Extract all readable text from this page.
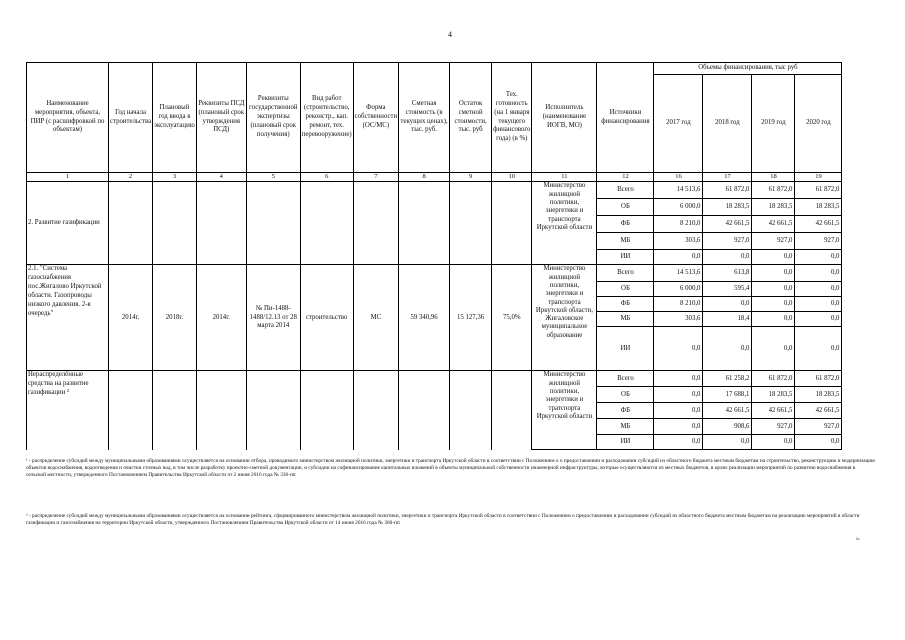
4
Наименование мероприятия, объекта, ПИР (с расшифровкой по объектам)	Год начала строительства	Плановый год ввода в эксплуатацию	Реквизиты ПСД (плановый срок утверждения ПСД)	Реквизиты государственной экспертизы (плановый срок получения)	Вид работ (строительство, реконстр., кап. ремонт, тех. перевооружение)	Форма собственности (ОС/МС)	Сметная стоимость (в текущих ценах), тыс. руб.	Остаток сметной стоимости, тыс. руб	Тех. готовность (на 1 января текущего финансового года) (в %)	Исполнитель (наименование ИОГВ, МО)	Источники финансирования	Объемы финансирования, тыс руб			
												2017 год	2018 год	2019 год	2020 год
1	2	3	4	5	6	7	8	9	10	11	12	16	17	18	19
2. Развитие газификации										Министерство жилищной политики, энергетики и транспорта Иркутской области	Всего	14 513,6	61 872,0	61 872,0	61 872,0
											ОБ	6 000,0	18 283,5	18 283,5	18 283,5
											ФБ	8 210,0	42 661,5	42 661,5	42 661,5
											МБ	303,6	927,0	927,0	927,0
											ИИ	0,0	0,0	0,0	0,0
2.1. "Система газоснабжения пос.Жигалово Иркутской области. Газопроводы низкого давления. 2-я очередь"	2014г.	2018г.	2014г.	№ Пи-1488-1488/12.13 от 28 марта 2014	строительство	МС	59 340,96	15 127,36	75,0%	Министерство жилищной политики, энергетики и трапспорта Иркутской области, Жигаловское муниципальное образование	Всего	14 513,6	613,8	0,0	0,0
											ОБ	6 000,0	595,4	0,0	0,0
											ФБ	8 210,0	0,0	0,0	0,0
											МБ	303,6	18,4	0,0	0,0
											ИИ	0,0	0,0	0,0	0,0
Нераспределённые средства на развитие газификации ²										Министерство жилищной политики, энергетики и тратспорта Иркутской области	Всего	0,0	61 258,2	61 872,0	61 872,0
											ОБ	0,0	17 688,1	18 283,5	18 283,5
											ФБ	0,0	42 661,5	42 661,5	42 661,5
											МБ	0,0	908,6	927,0	927,0
											ИИ	0,0	0,0	0,0	0,0
¹ - распределение субсидий между муниципальными образованиями осуществляется на основании отбора, проводимого министерством жилищной политики, энергетики и транспорта Иркутской области в соответствии с Положением о о предоставлении и расходовании субсидий из областного бюджета местным бюджетам на строительство, реконструкцию и модернизацию объектов водоснабжения, водоотведения и очистки сточных вод, в том числе разработку проектно-сметной документации, и субсидии на софинансирование капитальных вложений в объекты муниципальной собственности инженерной инфраструктуры, которые осуществляются из местных бюджетов, в целях реализации мероприятий по развитию водоснабжения в сельской местности, утвержденного Постановлением Правительства Иркутской области от 2 июня 2016 года № 336-пп
² - распределение субсидий между муниципальными образованиями осуществляется на основании рейтинга, сформированного министерством жилищной политики, энергетики и транспорта Иркутской области в соответствии с Положением о предоставлении и расходовании субсидий из областного бюджета местным бюджетам на реализацию мероприятий в области газификации и газоснабжения на территории Иркутской области, утвержденного Постановлением Правительства Иркутской области от 14 июня 2016 года № 360-пп
».
